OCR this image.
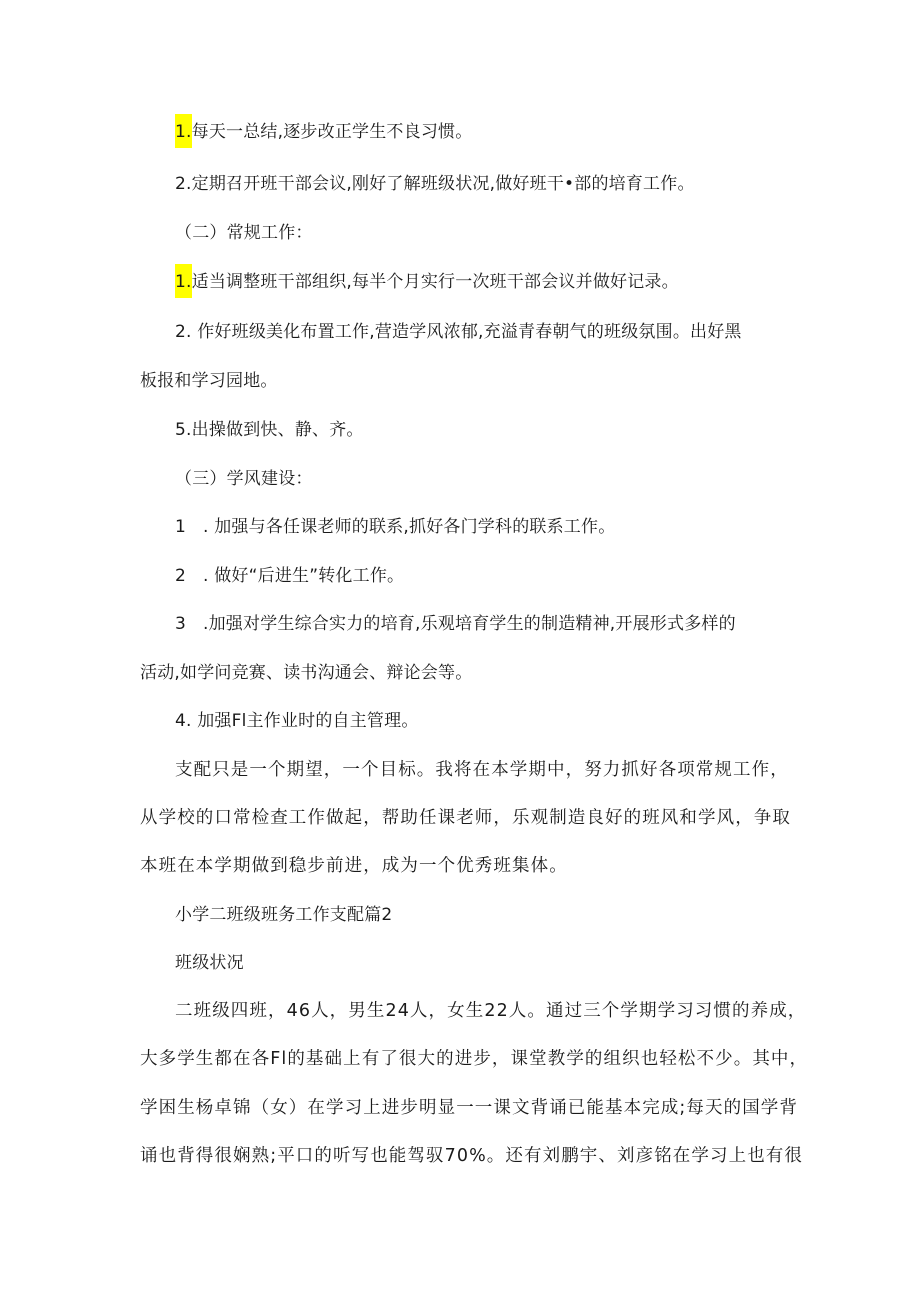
1.每天一总结,逐步改正学生不良习惯。
2.定期召开班干部会议,刚好了解班级状况,做好班干•部的培育工作。
（二）常规工作：
1.适当调整班干部组织,每半个月实行一次班干部会议并做好记录。
2. 作好班级美化布置工作,营造学风浓郁,充溢青春朝气的班级氛围。出好黑
板报和学习园地。
5.出操做到快、静、齐。
（三）学风建设：
1 . 加强与各任课老师的联系,抓好各门学科的联系工作。
2 . 做好“后进生”转化工作。
3 .加强对学生综合实力的培育,乐观培育学生的制造精神,开展形式多样的
活动,如学问竞赛、读书沟通会、辩论会等。
4. 加强Fl主作业时的自主管理。
支配只是一个期望，一个目标。我将在本学期中，努力抓好各项常规工作，
从学校的口常检查工作做起，帮助任课老师，乐观制造良好的班风和学风，争取
本班在本学期做到稳步前进，成为一个优秀班集体。
小学二班级班务工作支配篇2
班级状况
二班级四班，46人，男生24人，女生22人。通过三个学期学习习惯的养成，
大多学生都在各Fl的基础上有了很大的进步，课堂教学的组织也轻松不少。其中，
学困生杨卓锦（女）在学习上进步明显一一课文背诵已能基本完成;每天的国学背
诵也背得很娴熟;平口的听写也能驾驭70%。还有刘鹏宇、刘彦铭在学习上也有很
